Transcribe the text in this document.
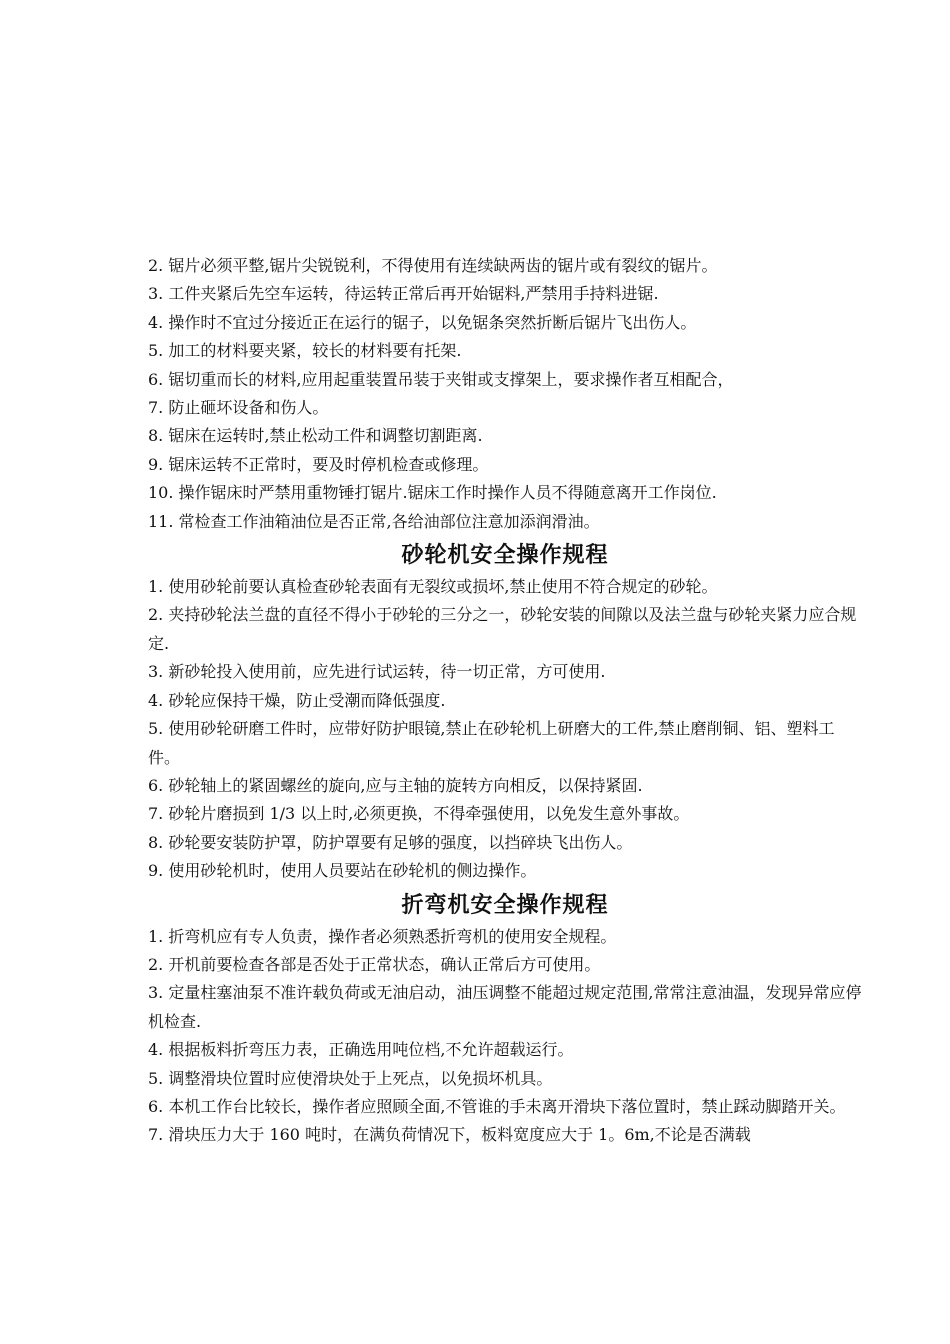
2. 锯片必须平整,锯片尖锐锐利，不得使用有连续缺两齿的锯片或有裂纹的锯片。

3. 工件夹紧后先空车运转，待运转正常后再开始锯料,严禁用手持料进锯.

4. 操作时不宜过分接近正在运行的锯子，以免锯条突然折断后锯片飞出伤人。

5. 加工的材料要夹紧，较长的材料要有托架.

6. 锯切重而长的材料,应用起重装置吊装于夹钳或支撑架上，要求操作者互相配合，

7. 防止砸坏设备和伤人。

8. 锯床在运转时,禁止松动工件和调整切割距离.

9. 锯床运转不正常时，要及时停机检查或修理。

10. 操作锯床时严禁用重物锤打锯片.锯床工作时操作人员不得随意离开工作岗位.

11. 常检查工作油箱油位是否正常,各给油部位注意加添润滑油。

砂轮机安全操作规程

1. 使用砂轮前要认真检查砂轮表面有无裂纹或损坏,禁止使用不符合规定的砂轮。

2. 夹持砂轮法兰盘的直径不得小于砂轮的三分之一，砂轮安装的间隙以及法兰盘与砂轮夹紧力应合规定.

3. 新砂轮投入使用前，应先进行试运转，待一切正常，方可使用.

4. 砂轮应保持干燥，防止受潮而降低强度.

5. 使用砂轮研磨工件时，应带好防护眼镜,禁止在砂轮机上研磨大的工件,禁止磨削铜、铝、塑料工件。

6. 砂轮轴上的紧固螺丝的旋向,应与主轴的旋转方向相反，以保持紧固.

7. 砂轮片磨损到 1/3 以上时,必须更换，不得牵强使用，以免发生意外事故。

8. 砂轮要安装防护罩，防护罩要有足够的强度，以挡碎块飞出伤人。

9. 使用砂轮机时，使用人员要站在砂轮机的侧边操作。

折弯机安全操作规程

1. 折弯机应有专人负责，操作者必须熟悉折弯机的使用安全规程。

2. 开机前要检查各部是否处于正常状态，确认正常后方可使用。

3. 定量柱塞油泵不准许载负荷或无油启动，油压调整不能超过规定范围,常常注意油温，发现异常应停机检查.

4. 根据板料折弯压力表，正确选用吨位档,不允许超载运行。

5. 调整滑块位置时应使滑块处于上死点，以免损坏机具。

6. 本机工作台比较长，操作者应照顾全面,不管谁的手未离开滑块下落位置时，禁止踩动脚踏开关。

7. 滑块压力大于 160 吨时，在满负荷情况下，板料宽度应大于 1。6m,不论是否满载
